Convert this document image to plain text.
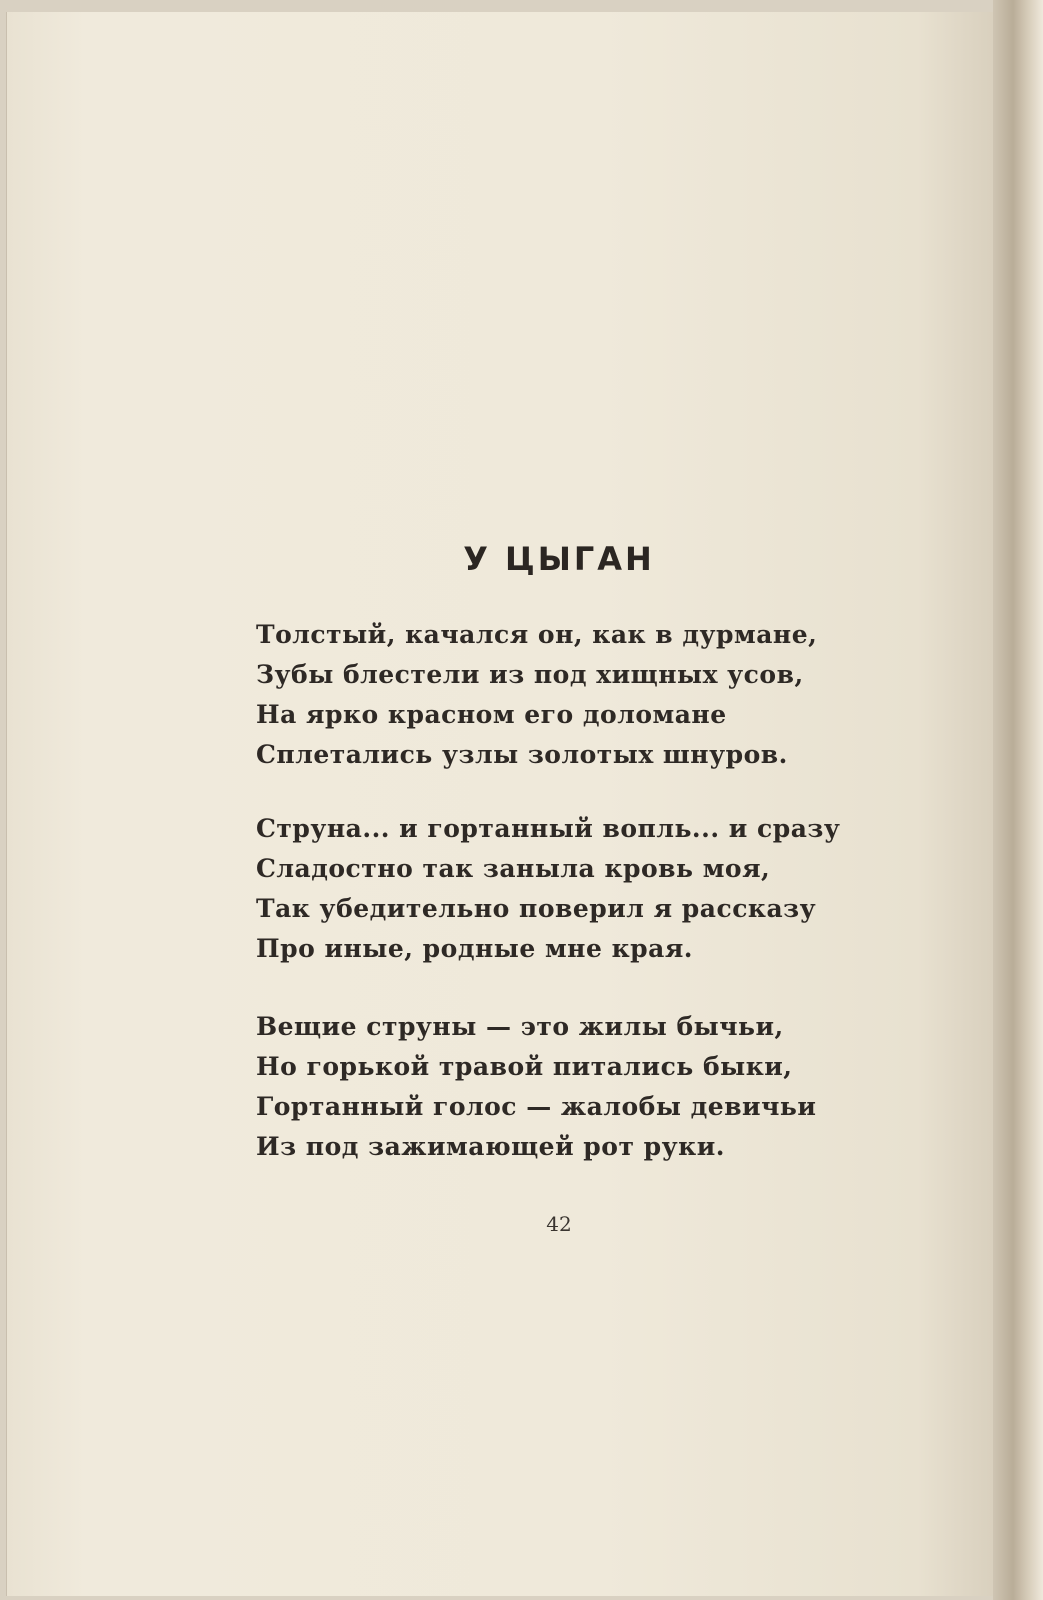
У ЦЫГАН
Толстый, качался он, как в дурмане,
Зубы блестели из под хищных усов,
На ярко красном его доломане
Сплетались узлы золотых шнуров.
Струна... и гортанный вопль... и сразу
Сладостно так заныла кровь моя,
Так убедительно поверил я рассказу
Про иные, родные мне края.
Вещие струны — это жилы бычьи,
Но горькой травой питались быки,
Гортанный голос — жалобы девичьи
Из под зажимающей рот руки.
42
